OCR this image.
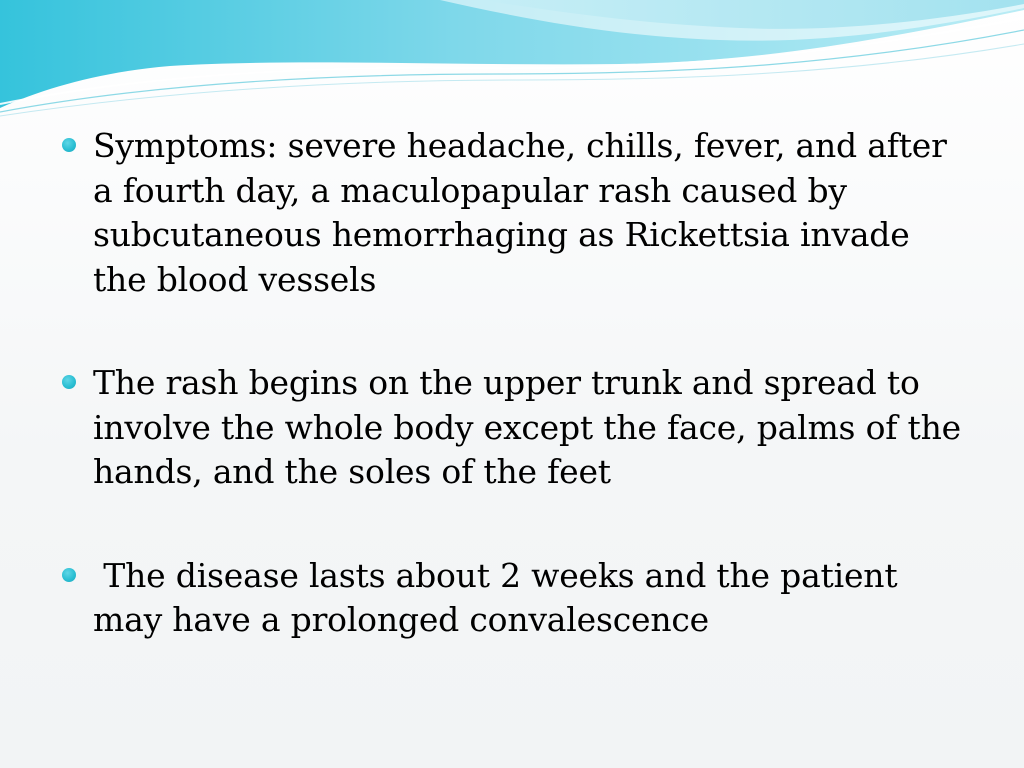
Symptoms: severe headache, chills, fever, and after a fourth day, a maculopapular rash caused by subcutaneous hemorrhaging as Rickettsia invade the blood vessels
The rash begins on the upper trunk and spread to involve the whole body except the face, palms of the hands, and the soles of the feet
The disease lasts about 2 weeks and the patient may have a prolonged convalescence
